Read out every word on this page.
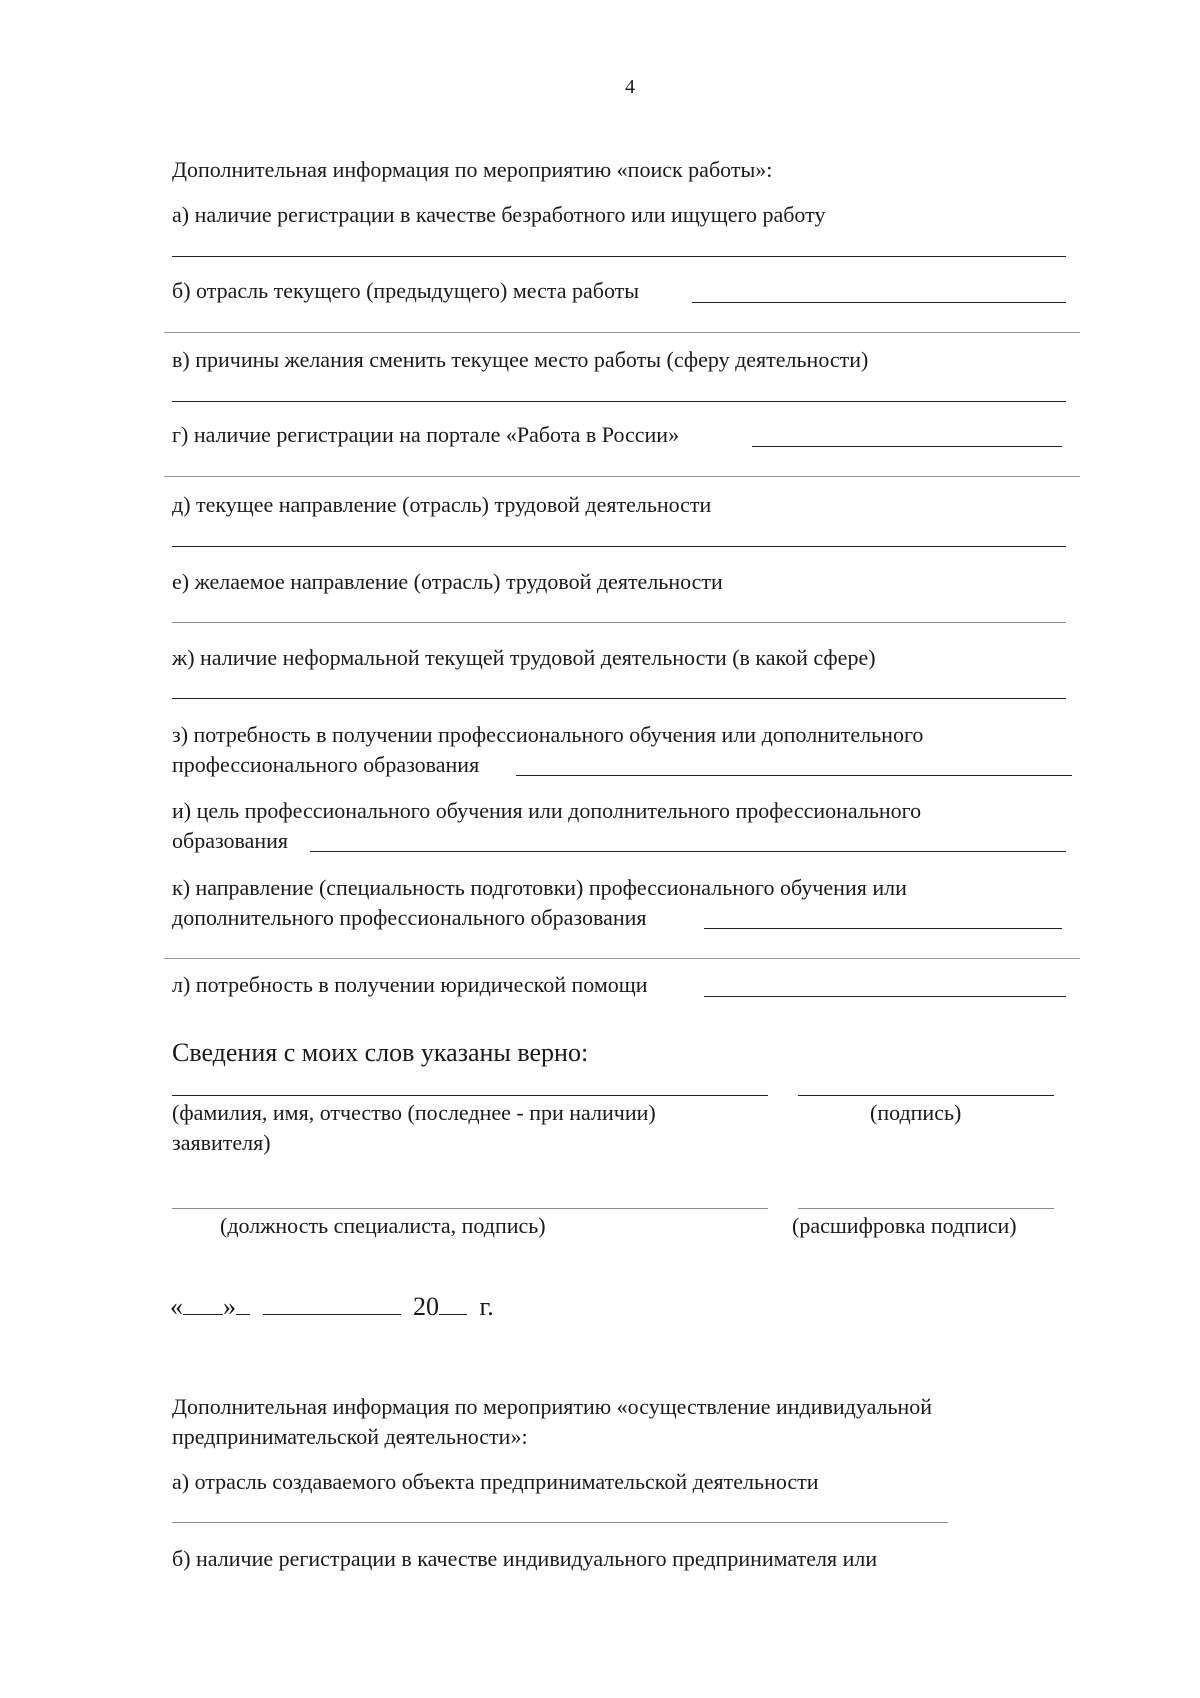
4
Дополнительная информация по мероприятию «поиск работы»:
а) наличие регистрации в качестве безработного или ищущего работу
б) отрасль текущего (предыдущего) места работы
в) причины желания сменить текущее место работы (сферу деятельности)
г) наличие регистрации на портале «Работа в России»
д) текущее направление (отрасль) трудовой деятельности
е) желаемое направление (отрасль) трудовой деятельности
ж) наличие неформальной текущей трудовой деятельности (в какой сфере)
з) потребность в получении профессионального обучения или дополнительного
профессионального образования
и) цель профессионального обучения или дополнительного профессионального
образования
к) направление (специальность подготовки) профессионального обучения или
дополнительного профессионального образования
л) потребность в получении юридической помощи
Сведения с моих слов указаны верно:
(фамилия, имя, отчество (последнее - при наличии)
заявителя)
(подпись)
(должность специалиста, подпись)	(расшифровка подписи)
« »	20 г.
Дополнительная информация по мероприятию «осуществление индивидуальной
предпринимательской деятельности»:
а) отрасль создаваемого объекта предпринимательской деятельности
б) наличие регистрации в качестве индивидуального предпринимателя или
